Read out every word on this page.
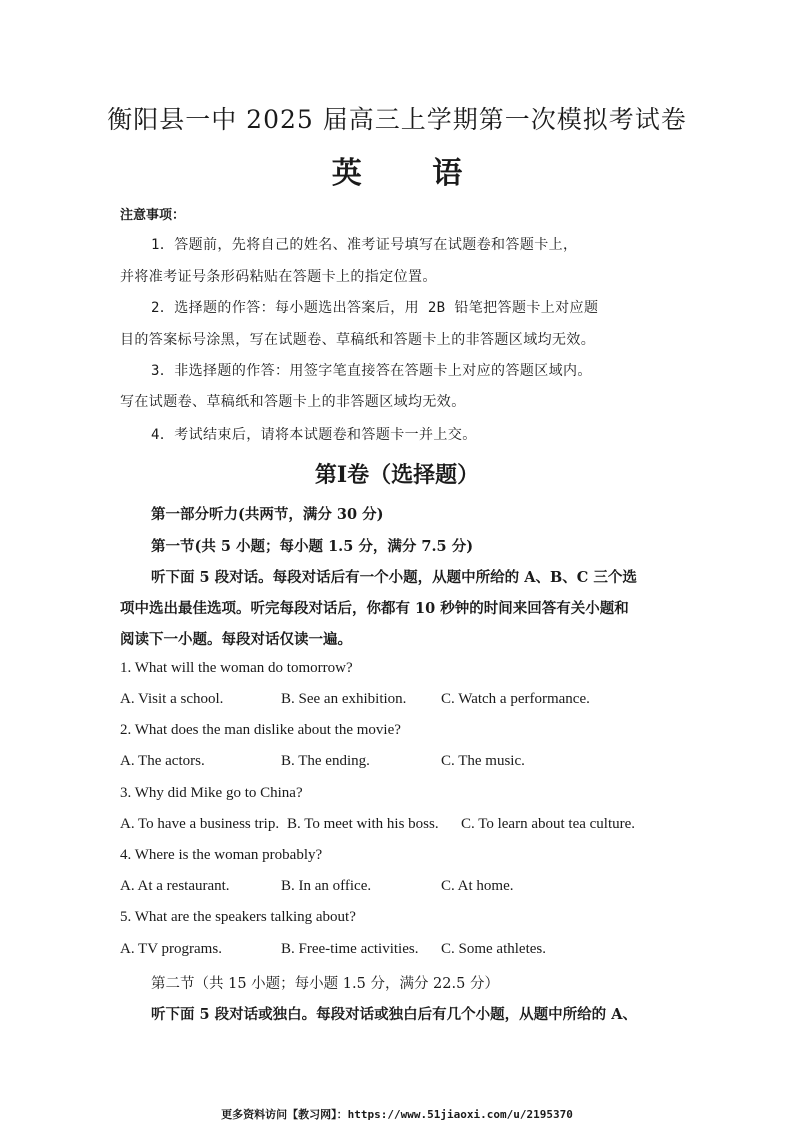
衡阳县一中 2025 届高三上学期第一次模拟考试卷
英 语
注意事项：
1．答题前，先将自己的姓名、准考证号填写在试题卷和答题卡上，
并将准考证号条形码粘贴在答题卡上的指定位置。
2．选择题的作答：每小题选出答案后，用 2B 铅笔把答题卡上对应题
目的答案标号涂黑，写在试题卷、草稿纸和答题卡上的非答题区域均无效。
3．非选择题的作答：用签字笔直接答在答题卡上对应的答题区域内。
写在试题卷、草稿纸和答题卡上的非答题区域均无效。
4．考试结束后，请将本试题卷和答题卡一并上交。
第Ⅰ卷（选择题）
第一部分听力(共两节，满分 30 分)
第一节(共 5 小题；每小题 1.5 分，满分 7.5 分)
听下面 5 段对话。每段对话后有一个小题，从题中所给的 A、B、C 三个选
项中选出最佳选项。听完每段对话后，你都有 10 秒钟的时间来回答有关小题和
阅读下一小题。每段对话仅读一遍。
1. What will the woman do tomorrow?
A. Visit a school.	B. See an exhibition. C. Watch a performance.
2. What does the man dislike about the movie?
A. The actors.	B. The ending.	C. The music.
3. Why did Mike go to China?
A. To have a business trip. B. To meet with his boss. C. To learn about tea culture.
4. Where is the woman probably?
A. At a restaurant.	B. In an office.	C. At home.
5. What are the speakers talking about?
A. TV programs.	B. Free-time activities. C. Some athletes.
第二节（共 15 小题；每小题 1.5 分，满分 22.5 分）
听下面 5 段对话或独白。每段对话或独白后有几个小题，从题中所给的 A、
更多资料访问【教习网】：https://www.51jiaoxi.com/u/2195370
